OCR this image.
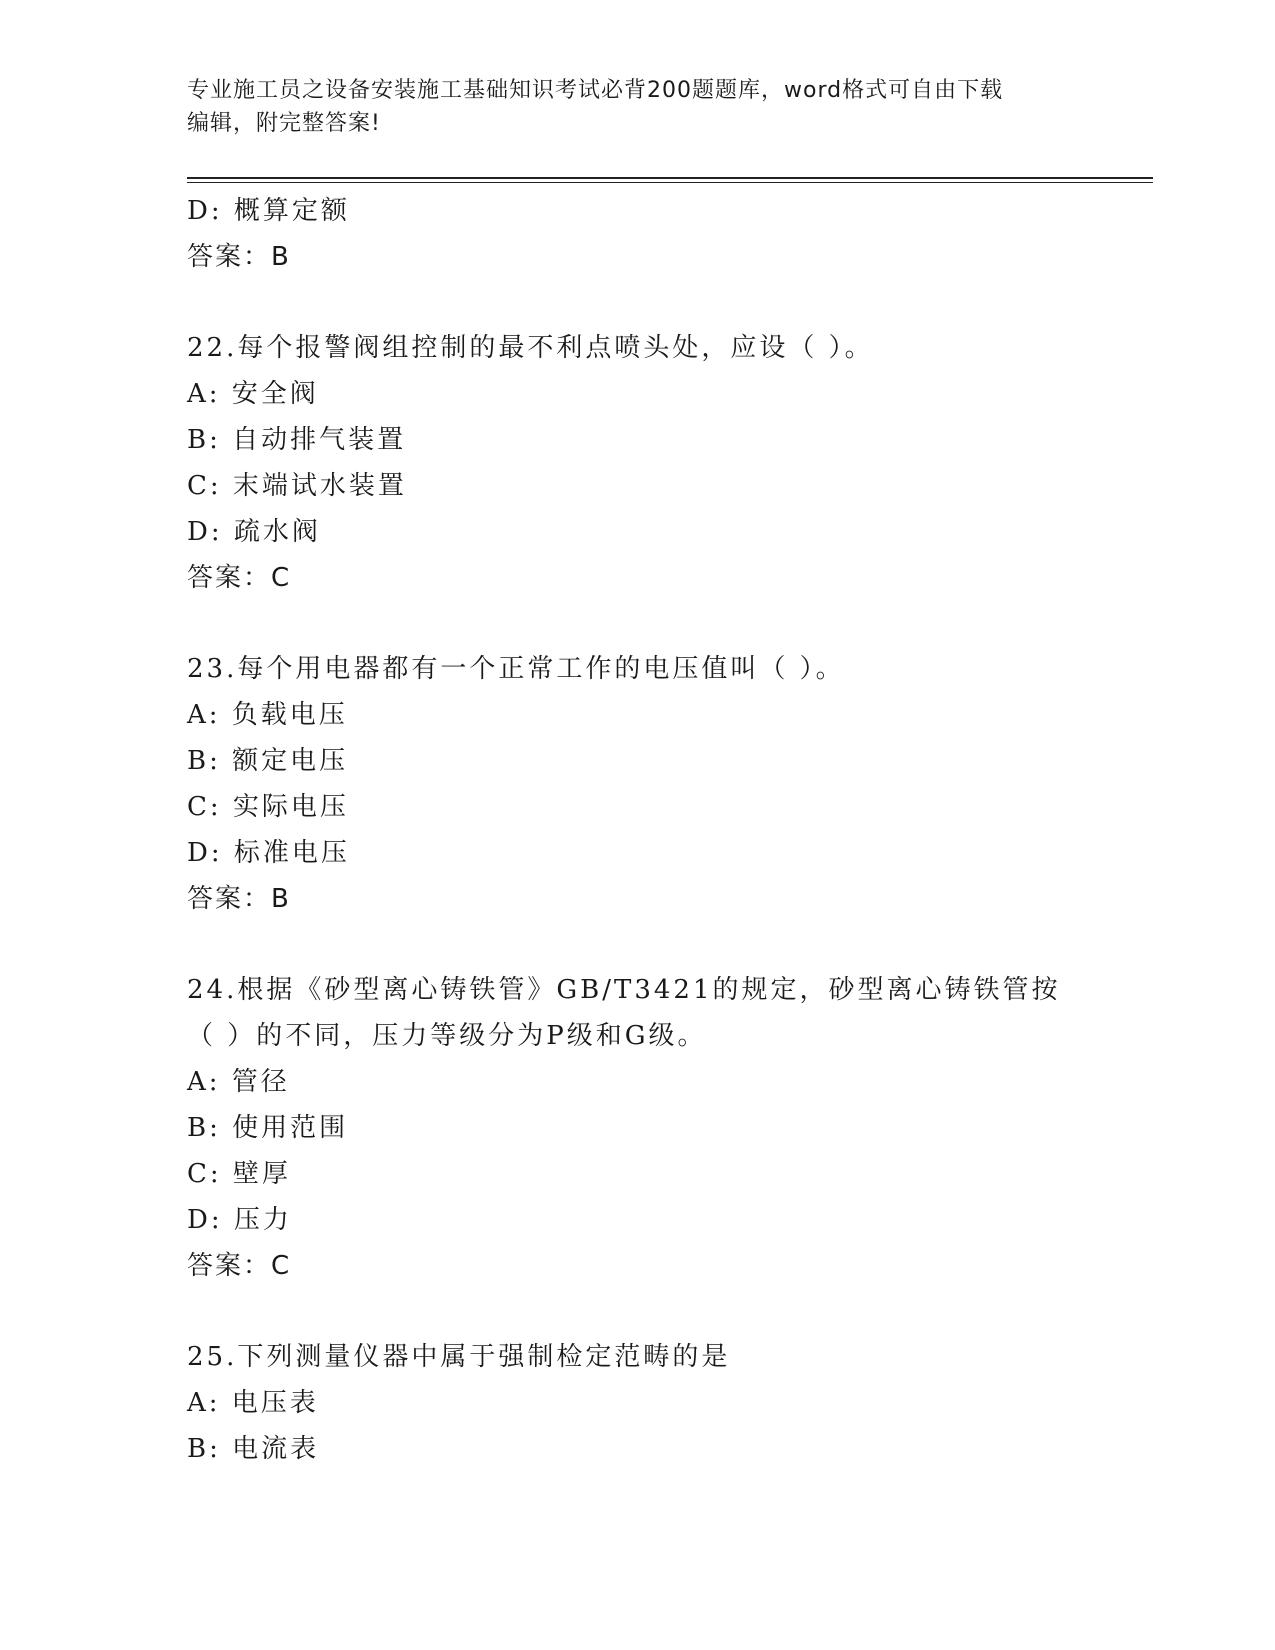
专业施工员之设备安装施工基础知识考试必背200题题库，word格式可自由下载
编辑，附完整答案!
D: 概算定额
答案：B
22.每个报警阀组控制的最不利点喷头处，应设（ ）。
A: 安全阀
B: 自动排气装置
C: 末端试水装置
D: 疏水阀
答案：C
23.每个用电器都有一个正常工作的电压值叫（ ）。
A: 负载电压
B: 额定电压
C: 实际电压
D: 标准电压
答案：B
24.根据《砂型离心铸铁管》GB/T3421的规定，砂型离心铸铁管按（ ）的不同，压力等级分为P级和G级。
A: 管径
B: 使用范围
C: 壁厚
D: 压力
答案：C
25.下列测量仪器中属于强制检定范畴的是
A: 电压表
B: 电流表
